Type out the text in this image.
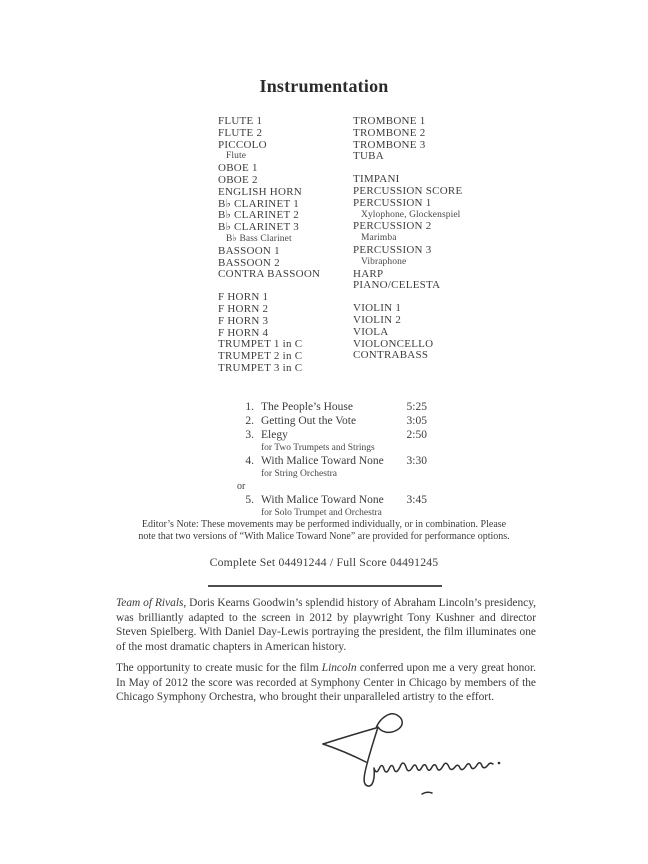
Instrumentation
FLUTE 1
FLUTE 2
PICCOLO
Flute
OBOE 1
OBOE 2
ENGLISH HORN
B♭ CLARINET 1
B♭ CLARINET 2
B♭ CLARINET 3
B♭ Bass Clarinet
BASSOON 1
BASSOON 2
CONTRA BASSOON
F HORN 1
F HORN 2
F HORN 3
F HORN 4
TRUMPET 1 in C
TRUMPET 2 in C
TRUMPET 3 in C
TROMBONE 1
TROMBONE 2
TROMBONE 3
TUBA
TIMPANI
PERCUSSION SCORE
PERCUSSION 1
Xylophone, Glockenspiel
PERCUSSION 2
Marimba
PERCUSSION 3
Vibraphone
HARP
PIANO/CELESTA
VIOLIN 1
VIOLIN 2
VIOLA
VIOLONCELLO
CONTRABASS
1. The People’s House	5:25
2. Getting Out the Vote	3:05
3. Elegy	2:50
for Two Trumpets and Strings
4. With Malice Toward None 3:30
for String Orchestra
or
5. With Malice Toward None 3:45
for Solo Trumpet and Orchestra
Editor’s Note: These movements may be performed individually, or in combination. Please
note that two versions of “With Malice Toward None” are provided for performance options.
Complete Set 04491244 / Full Score 04491245

Team of Rivals, Doris Kearns Goodwin’s splendid history of Abraham Lincoln’s presidency, was brilliantly adapted to the screen in 2012 by playwright Tony Kushner and director Steven Spielberg. With Daniel Day-Lewis portraying the president, the film illuminates one of the most dramatic chapters in American history.

The opportunity to create music for the film Lincoln conferred upon me a very great honor. In May of 2012 the score was recorded at Symphony Center in Chicago by members of the Chicago Symphony Orchestra, who brought their unparalleled artistry to the effort.
